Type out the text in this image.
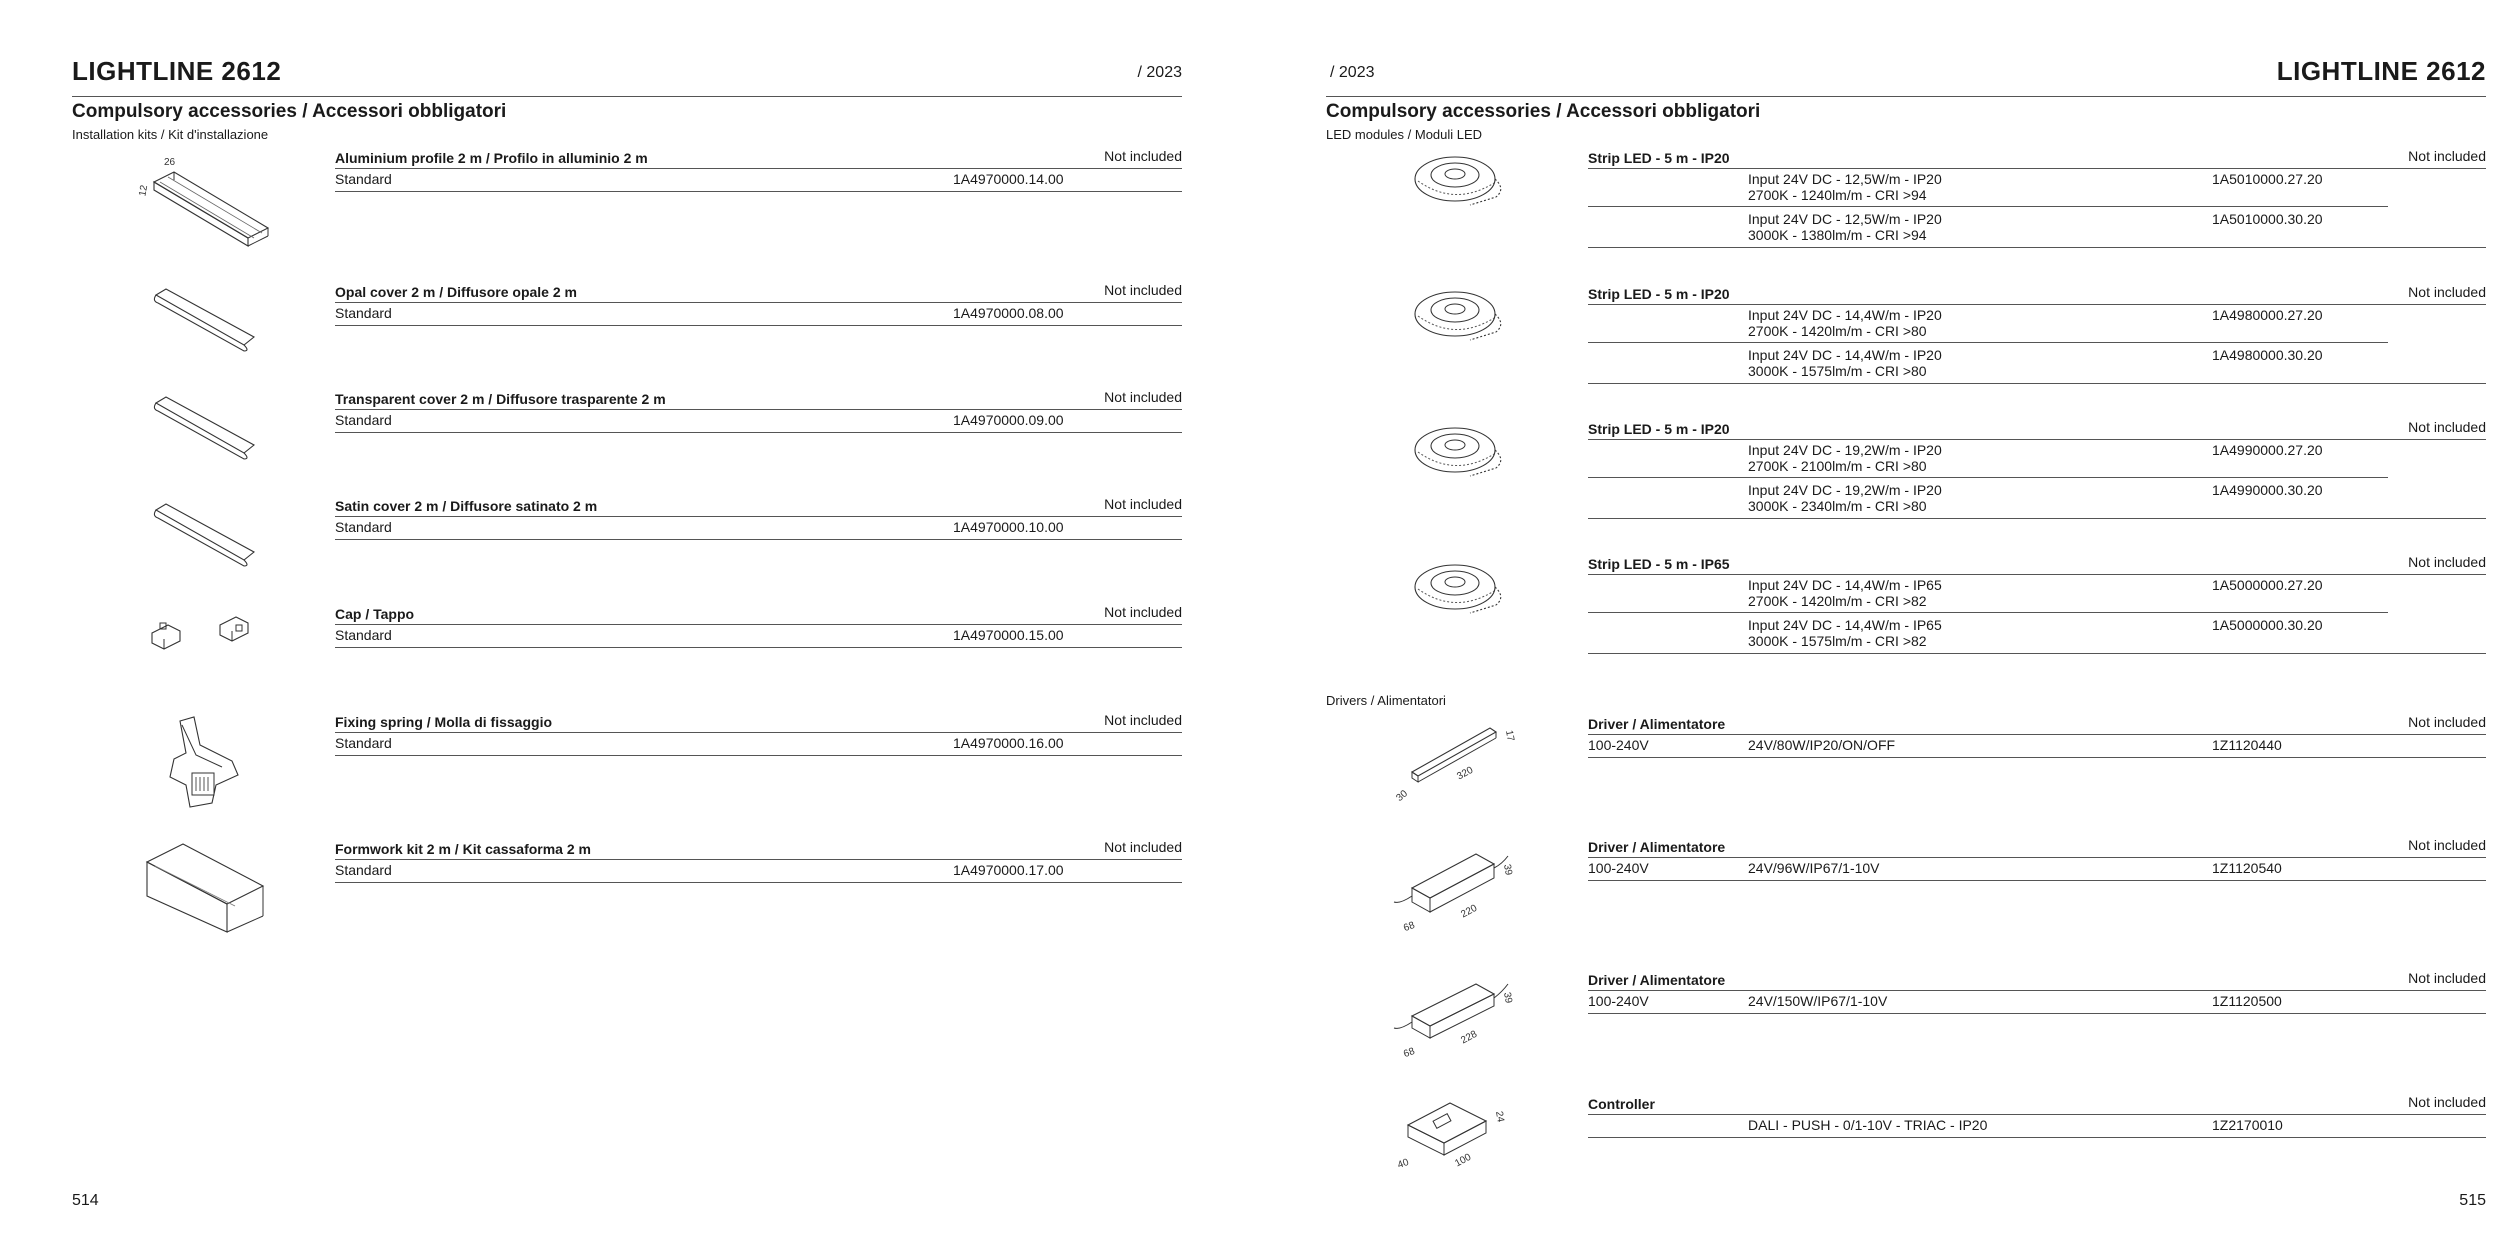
LIGHTLINE 2612	/ 2023
Compulsory accessories / Accessori obbligatori
Installation kits / Kit d'installazione
26
12
Aluminium profile 2 m / Profilo in alluminio 2 m	Not included
Standard	1A4970000.14.00
Opal cover 2 m / Diffusore opale 2 m	Not included
Standard	1A4970000.08.00
Transparent cover 2 m / Diffusore trasparente 2 m	Not included
Standard	1A4970000.09.00
Satin cover 2 m / Diffusore satinato 2 m	Not included
Standard	1A4970000.10.00
Cap / Tappo	Not included
Standard	1A4970000.15.00
Fixing spring / Molla di fissaggio	Not included
Standard	1A4970000.16.00
Formwork kit 2 m / Kit cassaforma 2 m	Not included
Standard	1A4970000.17.00
514
/ 2023	LIGHTLINE 2612
Compulsory accessories / Accessori obbligatori
LED modules / Moduli LED
Strip LED - 5 m - IP20	Not included
Input 24V DC - 12,5W/m - IP20
2700K - 1240lm/m - CRI >94
1A5010000.27.20
Input 24V DC - 12,5W/m - IP20
3000K - 1380lm/m - CRI >94
1A5010000.30.20
Strip LED - 5 m - IP20	Not included
Input 24V DC - 14,4W/m - IP20
2700K - 1420lm/m - CRI >80
1A4980000.27.20
Input 24V DC - 14,4W/m - IP20
3000K - 1575lm/m - CRI >80
1A4980000.30.20
Strip LED - 5 m - IP20	Not included
Input 24V DC - 19,2W/m - IP20
2700K - 2100lm/m - CRI >80
1A4990000.27.20
Input 24V DC - 19,2W/m - IP20
3000K - 2340lm/m - CRI >80
1A4990000.30.20
Strip LED - 5 m - IP65	Not included
Input 24V DC - 14,4W/m - IP65
2700K - 1420lm/m - CRI >82
1A5000000.27.20
Input 24V DC - 14,4W/m - IP65
3000K - 1575lm/m - CRI >82
1A5000000.30.20
Drivers / Alimentatori
17
320
30
39
220
68
39
228
68
24
100
40
Driver / Alimentatore	Not included
100-240V	24V/80W/IP20/ON/OFF	1Z1120440
Driver / Alimentatore	Not included
100-240V	24V/96W/IP67/1-10V	1Z1120540
Driver / Alimentatore	Not included
100-240V	24V/150W/IP67/1-10V	1Z1120500
Controller	Not included
DALI - PUSH - 0/1-10V - TRIAC - IP20	1Z2170010
515
